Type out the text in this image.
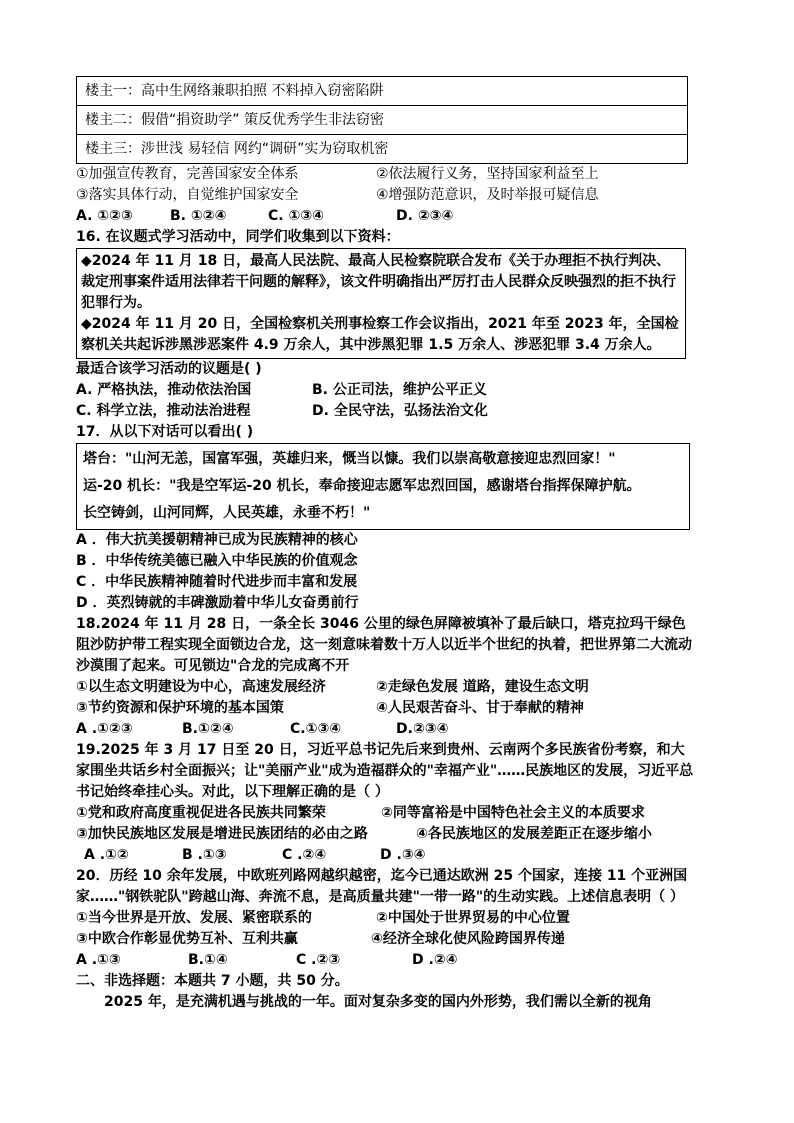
楼主一：高中生网络兼职拍照 不料掉入窃密陷阱
楼主二：假借“捐资助学” 策反优秀学生非法窃密
楼主三：涉世浅 易轻信 网约“调研”实为窃取机密
①加强宣传教育，完善国家安全体系	②依法履行义务，坚持国家利益至上
③落实具体行动，自觉维护国家安全	④增强防范意识，及时举报可疑信息
A. ①②③	B. ①②④	C. ①③④	D. ②③④
16. 在议题式学习活动中，同学们收集到以下资料：
◆2024 年 11 月 18 日，最高人民法院、最高人民检察院联合发布《关于办理拒不执行判决、裁定刑事案件适用法律若干问题的解释》，该文件明确指出严厉打击人民群众反映强烈的拒不执行犯罪行为。
◆2024 年 11 月 20 日，全国检察机关刑事检察工作会议指出，2021 年至 2023 年，全国检察机关共起诉涉黑涉恶案件 4.9 万余人，其中涉黑犯罪 1.5 万余人、涉恶犯罪 3.4 万余人。
最适合该学习活动的议题是( )
A. 严格执法，推动依法治国	B. 公正司法，维护公平正义
C. 科学立法，推动法治进程	D. 全民守法，弘扬法治文化
17．从以下对话可以看出( )
塔台："山河无恙，国富军强，英雄归来，慨当以慷。我们以崇高敬意接迎忠烈回家！"
运-20 机长："我是空军运-20 机长，奉命接迎志愿军忠烈回国，感谢塔台指挥保障护航。
长空铸剑，山河同辉，人民英雄，永垂不朽！"
A ．伟大抗美援朝精神已成为民族精神的核心
B ．中华传统美德已融入中华民族的价值观念
C ．中华民族精神随着时代进步而丰富和发展
D ．英烈铸就的丰碑激励着中华儿女奋勇前行
18.2024 年 11 月 28 日，一条全长 3046 公里的绿色屏障被填补了最后缺口，塔克拉玛干绿色阻沙防护带工程实现全面锁边合龙，这一刻意味着数十万人以近半个世纪的执着，把世界第二大流动沙漠围了起来。可见锁边"合龙的完成离不开
①以生态文明建设为中心，高速发展经济	②走绿色发展 道路，建设生态文明
③节约资源和保护环境的基本国策	④人民艰苦奋斗、甘于奉献的精神
A .①②③	B.①②④	C.①③④	D.②③④
19.2025 年 3 月 17 日至 20 日，习近平总书记先后来到贵州、云南两个多民族省份考察，和大家围坐共话乡村全面振兴；让"美丽产业"成为造福群众的"幸福产业"……民族地区的发展，习近平总书记始终牵挂心头。对此，以下理解正确的是（ ）
①党和政府高度重视促进各民族共同繁荣	②同等富裕是中国特色社会主义的本质要求
③加快民族地区发展是增进民族团结的必由之路	④各民族地区的发展差距正在逐步缩小
A .①②	B .①③	C .②④	D .③④
20．历经 10 余年发展，中欧班列路网越织越密，迄今已通达欧洲 25 个国家，连接 11 个亚洲国家……"钢铁驼队"跨越山海、奔流不息，是高质量共建"一带一路"的生动实践。上述信息表明（ ）
①当今世界是开放、发展、紧密联系的	②中国处于世界贸易的中心位置
③中欧合作彰显优势互补、互利共赢	④经济全球化使风险跨国界传递
A .①③	B.①④	C .②③	D .②④
二、非选择题：本题共 7 小题，共 50 分。
2025 年，是充满机遇与挑战的一年。面对复杂多变的国内外形势，我们需以全新的视角
